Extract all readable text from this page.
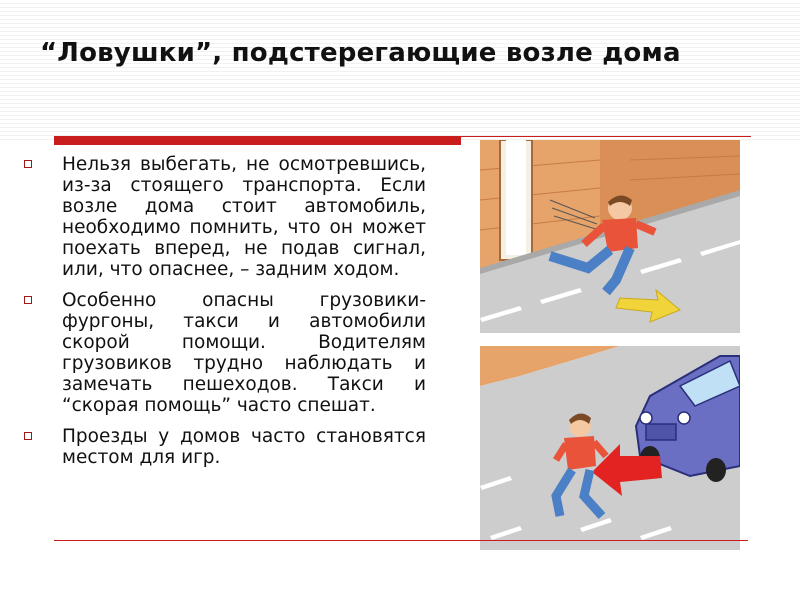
“Ловушки”, подстерегающие возле дома
Нельзя выбегать, не осмотревшись, из-за стоящего транспорта. Если возле дома стоит автомобиль, необходимо помнить, что он может поехать вперед, не подав сигнал, или, что опаснее, – задним ходом.
Особенно опасны грузовики-фургоны, такси и автомобили скорой помощи. Водителям грузовиков трудно наблюдать и замечать пешеходов. Такси и “скорая помощь” часто спешат.
Проезды у домов часто становятся местом для игр.
